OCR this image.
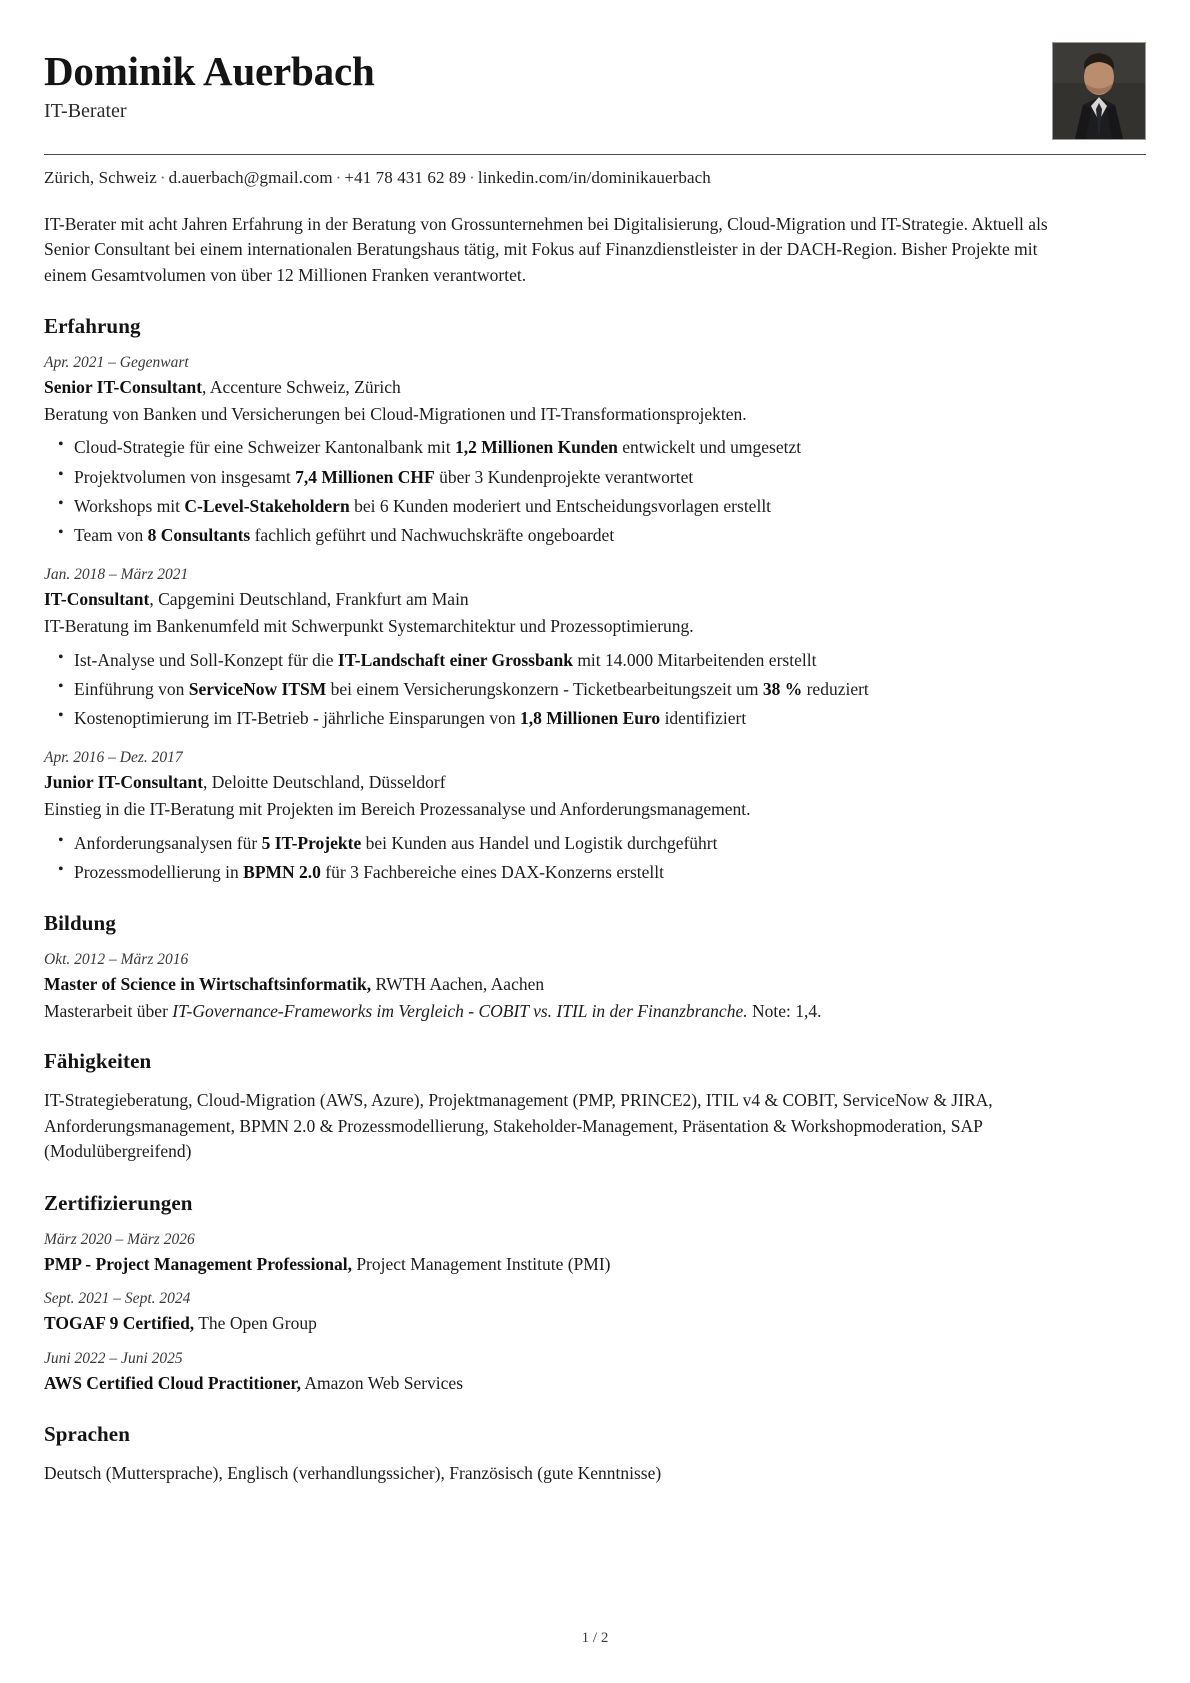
Dominik Auerbach
IT-Berater
Zürich, Schweiz · d.auerbach@gmail.com · +41 78 431 62 89 · linkedin.com/in/dominikauerbach

IT-Berater mit acht Jahren Erfahrung in der Beratung von Grossunternehmen bei Digitalisierung, Cloud-Migration und IT-Strategie. Aktuell als Senior Consultant bei einem internationalen Beratungshaus tätig, mit Fokus auf Finanzdienstleister in der DACH-Region. Bisher Projekte mit einem Gesamtvolumen von über 12 Millionen Franken verantwortet.

Erfahrung
Apr. 2021 – Gegenwart
Senior IT-Consultant, Accenture Schweiz, Zürich
Beratung von Banken und Versicherungen bei Cloud-Migrationen und IT-Transformationsprojekten.
• Cloud-Strategie für eine Schweizer Kantonalbank mit 1,2 Millionen Kunden entwickelt und umgesetzt
• Projektvolumen von insgesamt 7,4 Millionen CHF über 3 Kundenprojekte verantwortet
• Workshops mit C-Level-Stakeholdern bei 6 Kunden moderiert und Entscheidungsvorlagen erstellt
• Team von 8 Consultants fachlich geführt und Nachwuchskräfte ongeboardet
Jan. 2018 – März 2021
IT-Consultant, Capgemini Deutschland, Frankfurt am Main
IT-Beratung im Bankenumfeld mit Schwerpunkt Systemarchitektur und Prozessoptimierung.
• Ist-Analyse und Soll-Konzept für die IT-Landschaft einer Grossbank mit 14.000 Mitarbeitenden erstellt
• Einführung von ServiceNow ITSM bei einem Versicherungskonzern - Ticketbearbeitungszeit um 38 % reduziert
• Kostenoptimierung im IT-Betrieb - jährliche Einsparungen von 1,8 Millionen Euro identifiziert
Apr. 2016 – Dez. 2017
Junior IT-Consultant, Deloitte Deutschland, Düsseldorf
Einstieg in die IT-Beratung mit Projekten im Bereich Prozessanalyse und Anforderungsmanagement.
• Anforderungsanalysen für 5 IT-Projekte bei Kunden aus Handel und Logistik durchgeführt
• Prozessmodellierung in BPMN 2.0 für 3 Fachbereiche eines DAX-Konzerns erstellt
Bildung
Okt. 2012 – März 2016
Master of Science in Wirtschaftsinformatik, RWTH Aachen, Aachen
Masterarbeit über IT-Governance-Frameworks im Vergleich - COBIT vs. ITIL in der Finanzbranche. Note: 1,4.
Fähigkeiten

IT-Strategieberatung, Cloud-Migration (AWS, Azure), Projektmanagement (PMP, PRINCE2), ITIL v4 & COBIT, ServiceNow & JIRA, Anforderungsmanagement, BPMN 2.0 & Prozessmodellierung, Stakeholder-Management, Präsentation & Workshopmoderation, SAP (Modulübergreifend)

Zertifizierungen
März 2020 – März 2026
PMP - Project Management Professional, Project Management Institute (PMI)
Sept. 2021 – Sept. 2024
TOGAF 9 Certified, The Open Group
Juni 2022 – Juni 2025
AWS Certified Cloud Practitioner, Amazon Web Services
Sprachen

Deutsch (Muttersprache), Englisch (verhandlungssicher), Französisch (gute Kenntnisse)

1 / 2
